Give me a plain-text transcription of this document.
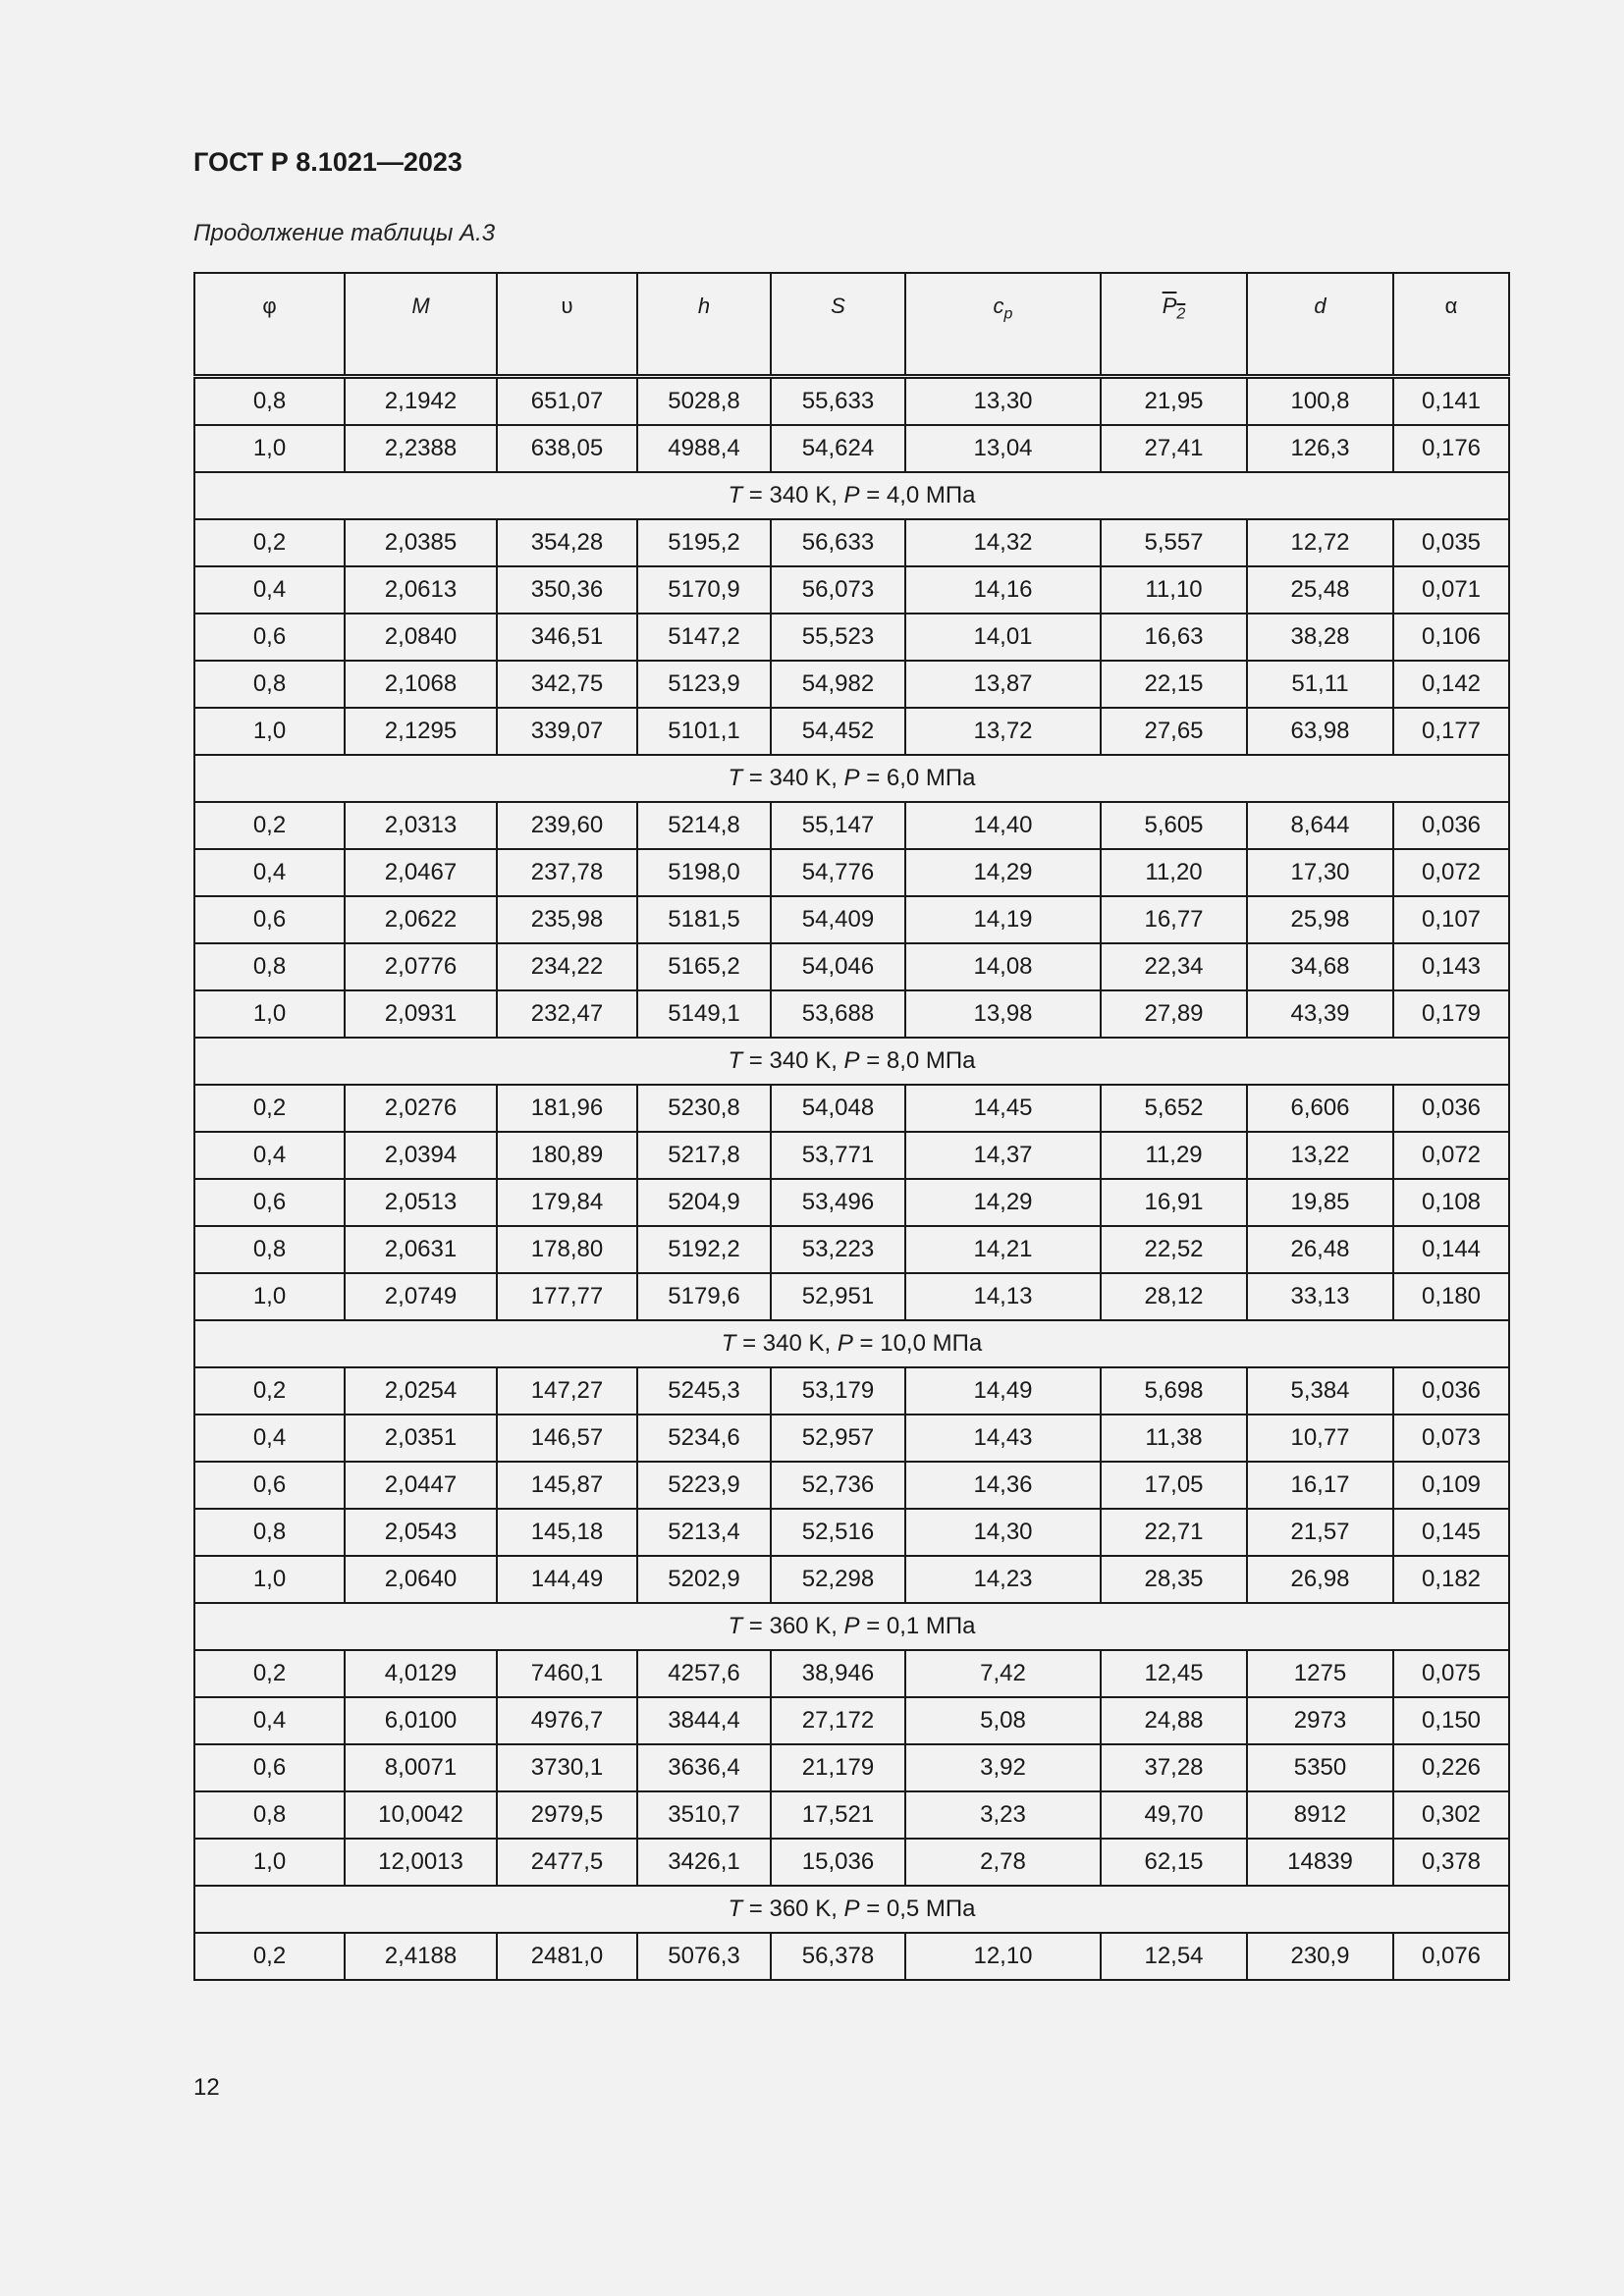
ГОСТ Р 8.1021—2023
Продолжение таблицы А.3
φ	M	υ	h	S	$c_p$	$P_2$	d	α
0,8	2,1942	651,07	5028,8	55,633	13,30	21,95	100,8	0,141
1,0	2,2388	638,05	4988,4	54,624	13,04	27,41	126,3	0,176
T = 340 K, P = 4,0 МПа								
0,2	2,0385	354,28	5195,2	56,633	14,32	5,557	12,72	0,035
0,4	2,0613	350,36	5170,9	56,073	14,16	11,10	25,48	0,071
0,6	2,0840	346,51	5147,2	55,523	14,01	16,63	38,28	0,106
0,8	2,1068	342,75	5123,9	54,982	13,87	22,15	51,11	0,142
1,0	2,1295	339,07	5101,1	54,452	13,72	27,65	63,98	0,177
T = 340 K, P = 6,0 МПа								
0,2	2,0313	239,60	5214,8	55,147	14,40	5,605	8,644	0,036
0,4	2,0467	237,78	5198,0	54,776	14,29	11,20	17,30	0,072
0,6	2,0622	235,98	5181,5	54,409	14,19	16,77	25,98	0,107
0,8	2,0776	234,22	5165,2	54,046	14,08	22,34	34,68	0,143
1,0	2,0931	232,47	5149,1	53,688	13,98	27,89	43,39	0,179
T = 340 K, P = 8,0 МПа								
0,2	2,0276	181,96	5230,8	54,048	14,45	5,652	6,606	0,036
0,4	2,0394	180,89	5217,8	53,771	14,37	11,29	13,22	0,072
0,6	2,0513	179,84	5204,9	53,496	14,29	16,91	19,85	0,108
0,8	2,0631	178,80	5192,2	53,223	14,21	22,52	26,48	0,144
1,0	2,0749	177,77	5179,6	52,951	14,13	28,12	33,13	0,180
T = 340 K, P = 10,0 МПа								
0,2	2,0254	147,27	5245,3	53,179	14,49	5,698	5,384	0,036
0,4	2,0351	146,57	5234,6	52,957	14,43	11,38	10,77	0,073
0,6	2,0447	145,87	5223,9	52,736	14,36	17,05	16,17	0,109
0,8	2,0543	145,18	5213,4	52,516	14,30	22,71	21,57	0,145
1,0	2,0640	144,49	5202,9	52,298	14,23	28,35	26,98	0,182
T = 360 K, P = 0,1 МПа								
0,2	4,0129	7460,1	4257,6	38,946	7,42	12,45	1275	0,075
0,4	6,0100	4976,7	3844,4	27,172	5,08	24,88	2973	0,150
0,6	8,0071	3730,1	3636,4	21,179	3,92	37,28	5350	0,226
0,8	10,0042	2979,5	3510,7	17,521	3,23	49,70	8912	0,302
1,0	12,0013	2477,5	3426,1	15,036	2,78	62,15	14839	0,378
T = 360 K, P = 0,5 МПа								
0,2	2,4188	2481,0	5076,3	56,378	12,10	12,54	230,9	0,076
12
